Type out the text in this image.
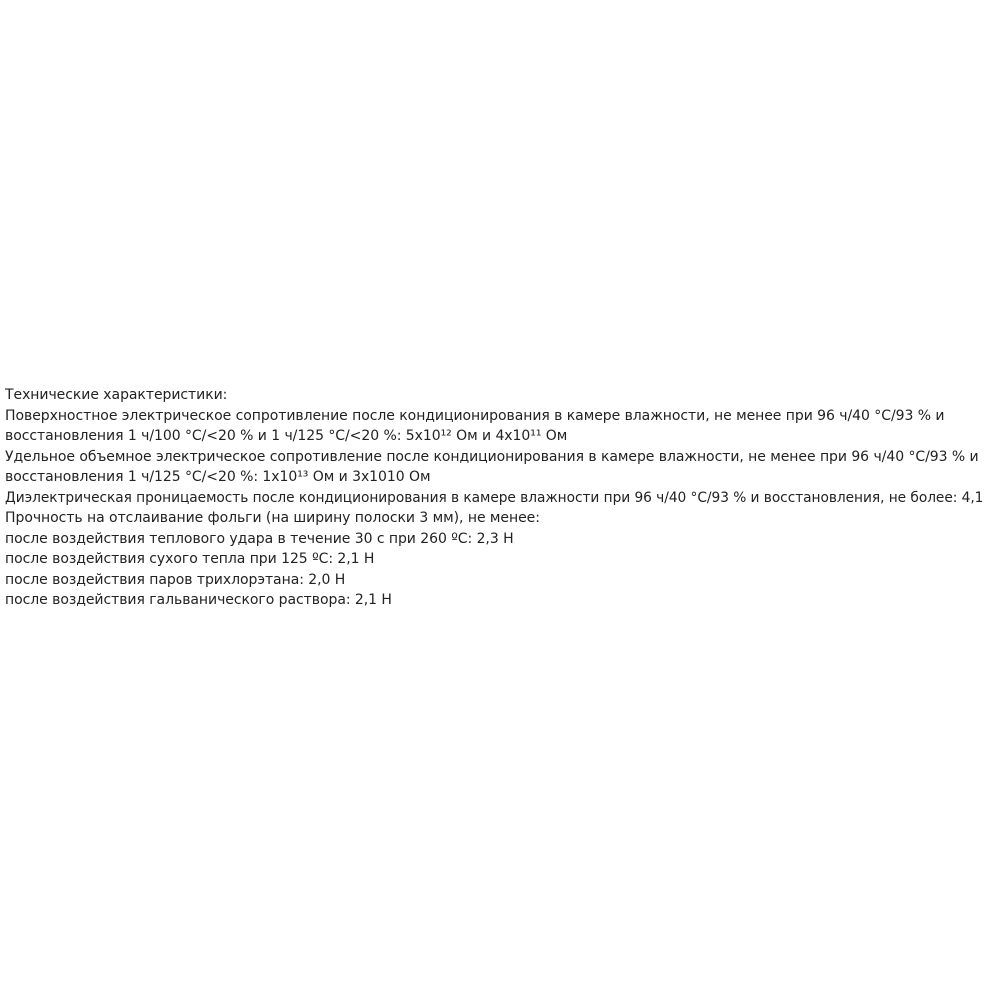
Технические характеристики:
Поверхностное электрическое сопротивление после кондиционирования в камере влажности, не менее при 96 ч/40 °С/93 % и
восстановления 1 ч/100 °С/<20 % и 1 ч/125 °С/<20 %: 5x10¹² Ом и 4x10¹¹ Ом
Удельное объемное электрическое сопротивление после кондиционирования в камере влажности, не менее при 96 ч/40 °С/93 % и
восстановления 1 ч/125 °С/<20 %: 1x10¹³ Ом и 3x1010 Ом
Диэлектрическая проницаемость после кондиционирования в камере влажности при 96 ч/40 °С/93 % и восстановления, не более: 4,1
Прочность на отслаивание фольги (на ширину полоски 3 мм), не менее:
после воздействия теплового удара в течение 30 с при 260 ºС: 2,3 Н
после воздействия сухого тепла при 125 ºС: 2,1 Н
после воздействия паров трихлорэтана: 2,0 Н
после воздействия гальванического раствора: 2,1 Н
